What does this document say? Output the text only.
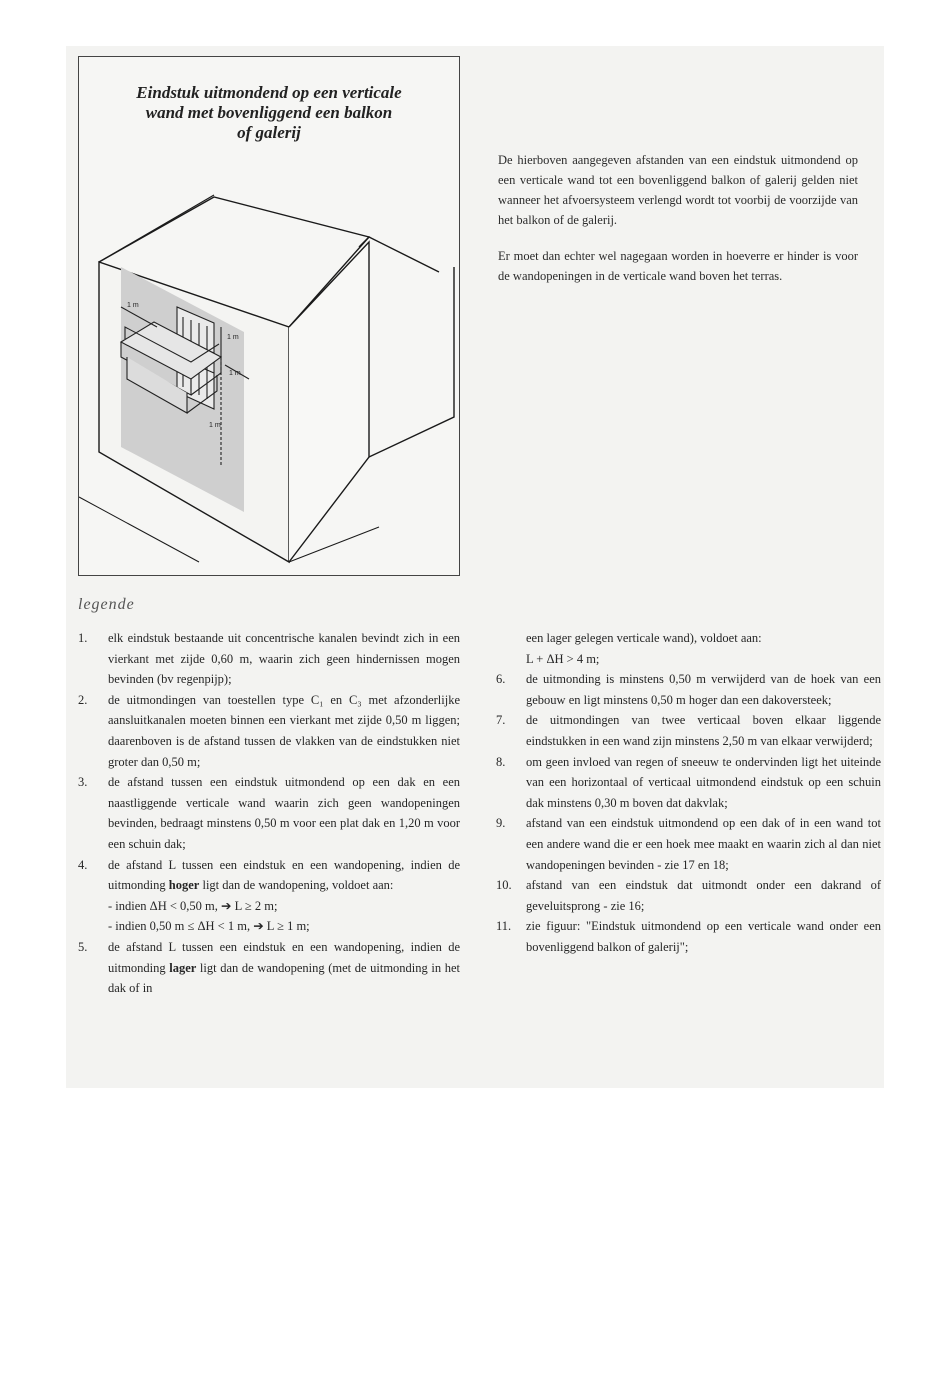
Eindstuk uitmondend op een verticale
wand met bovenliggend een balkon
of galerij
1 m
1 m
1 m
1 m

De hierboven aangegeven afstanden van een eindstuk uitmondend op een verticale wand tot een bovenliggend balkon of galerij gelden niet wanneer het afvoersysteem verlengd wordt tot voorbij de voorzijde van het balkon of de galerij.

Er moet dan echter wel nagegaan worden in hoeverre er hinder is voor de wandopeningen in de verticale wand boven het terras.

legende
1.	elk eindstuk bestaande uit concentrische kanalen bevindt zich in een vierkant met zijde 0,60 m, waarin zich geen hindernissen mogen bevinden (bv regenpijp);
2.	de uitmondingen van toestellen type C₁ en C₃ met afzonderlijke aansluitkanalen moeten binnen een vierkant met zijde 0,50 m liggen; daarenboven is de afstand tussen de vlakken van de eindstukken niet groter dan 0,50 m;
3.	de afstand tussen een eindstuk uitmondend op een dak en een naastliggende verticale wand waarin zich geen wandopeningen bevinden, bedraagt minstens 0,50 m voor een plat dak en 1,20 m voor een schuin dak;
4.	de afstand L tussen een eindstuk en een wandopening, indien de uitmonding hoger ligt dan de wandopening, voldoet aan:
- indien ΔH < 0,50 m, ➔ L ≥ 2 m;
- indien 0,50 m ≤ ΔH < 1 m, ➔ L ≥ 1 m;
5.	de afstand L tussen een eindstuk en een wandopening, indien de uitmonding lager ligt dan de wandopening (met de uitmonding in het dak of in
een lager gelegen verticale wand), voldoet aan:
L + ΔH > 4 m;
6.	de uitmonding is minstens 0,50 m verwijderd van de hoek van een gebouw en ligt minstens 0,50 m hoger dan een dakoversteek;
7.	de uitmondingen van twee verticaal boven elkaar liggende eindstukken in een wand zijn minstens 2,50 m van elkaar verwijderd;
8.	om geen invloed van regen of sneeuw te ondervinden ligt het uiteinde van een horizontaal of verticaal uitmondend eindstuk op een schuin dak minstens 0,30 m boven dat dakvlak;
9.	afstand van een eindstuk uitmondend op een dak of in een wand tot een andere wand die er een hoek mee maakt en waarin zich al dan niet wandopeningen bevinden - zie 17 en 18;
10.	afstand van een eindstuk dat uitmondt onder een dakrand of geveluitsprong - zie 16;
11.	zie figuur: "Eindstuk uitmondend op een verticale wand onder een bovenliggend balkon of galerij";
